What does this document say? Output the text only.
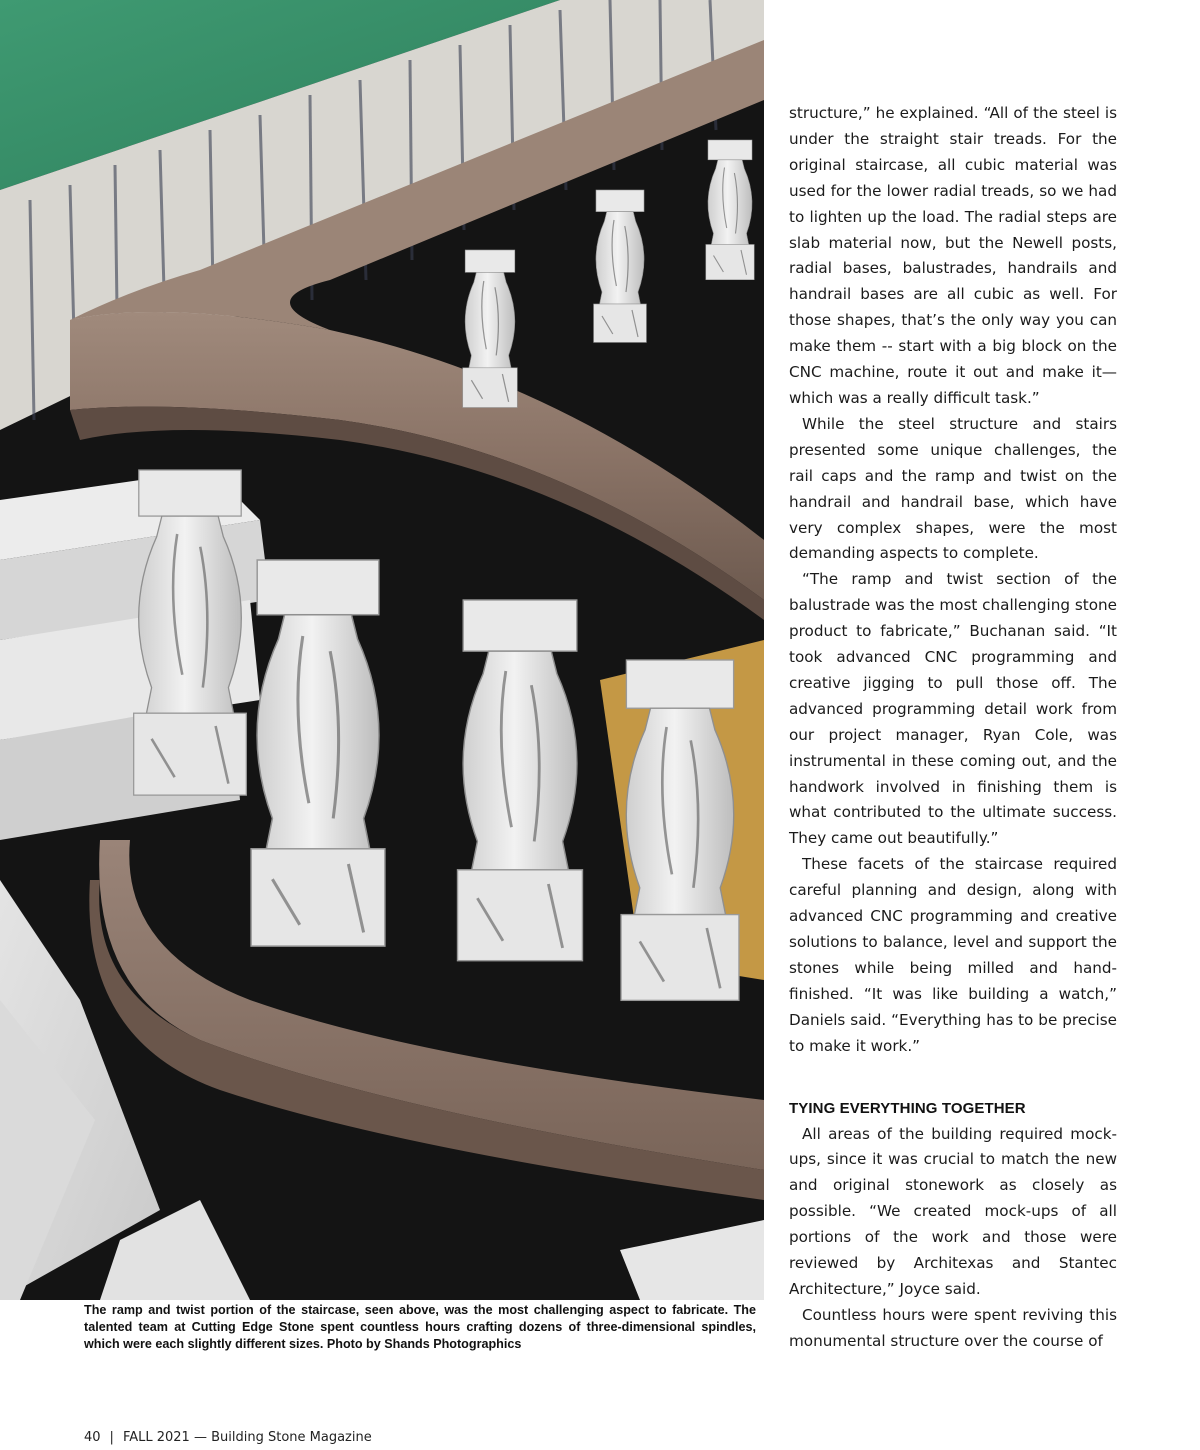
The ramp and twist portion of the staircase, seen above, was the most challenging aspect to fabricate. The talented team at Cutting Edge Stone spent countless hours crafting dozens of three-dimensional spindles, which were each slightly different sizes. Photo by Shands Photographics

structure,” he explained. “All of the steel is under the straight stair treads. For the original staircase, all cubic material was used for the lower radial treads, so we had to lighten up the load. The radial steps are slab material now, but the Newell posts, radial bases, balustrades, handrails and handrail bases are all cubic as well. For those shapes, that’s the only way you can make them -- start with a big block on the CNC machine, route it out and make it—which was a really difficult task.”

While the steel structure and stairs presented some unique challenges, the rail caps and the ramp and twist on the handrail and handrail base, which have very complex shapes, were the most demanding aspects to complete.

“The ramp and twist section of the balustrade was the most challenging stone product to fabricate,” Buchanan said. “It took advanced CNC programming and creative jigging to pull those off. The advanced programming detail work from our project manager, Ryan Cole, was instrumental in these coming out, and the handwork involved in finishing them is what contributed to the ultimate success. They came out beautifully.”

These facets of the staircase required careful planning and design, along with advanced CNC programming and creative solutions to balance, level and support the stones while being milled and hand-finished. “It was like building a watch,” Daniels said. “Everything has to be precise to make it work.”

TYING EVERYTHING TOGETHER

All areas of the building required mock-ups, since it was crucial to match the new and original stonework as closely as possible. “We created mock-ups of all portions of the work and those were reviewed by Architexas and Stantec Architecture,” Joyce said.

Countless hours were spent reviving this monumental structure over the course of

40 | FALL 2021 — Building Stone Magazine
